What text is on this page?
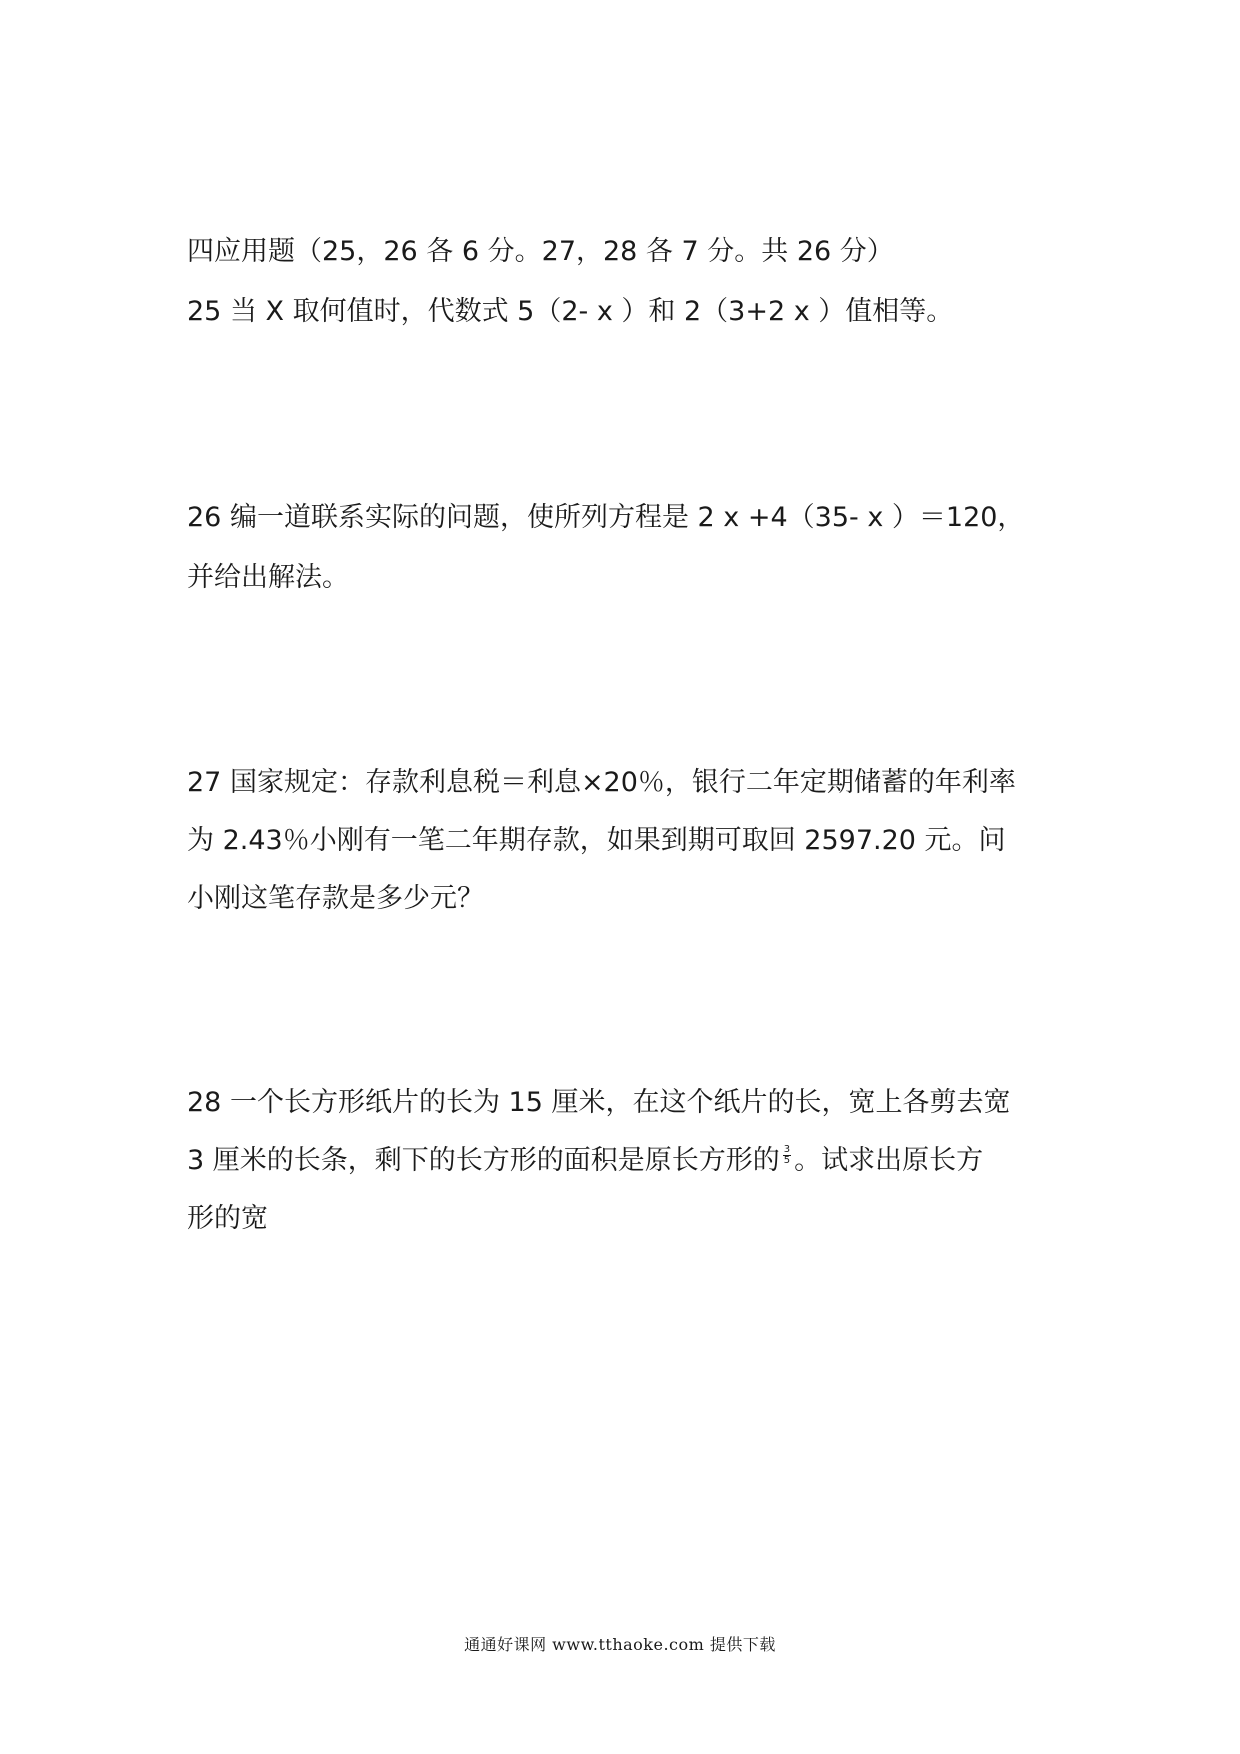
四应用题（25，26 各 6 分。27，28 各 7 分。共 26 分）
25 当 X 取何值时，代数式 5（2- x ）和 2（3+2 x ）值相等。
26 编一道联系实际的问题，使所列方程是 2 x +4（35- x ）＝120，
并给出解法。
27 国家规定：存款利息税＝利息×20％，银行二年定期储蓄的年利率
为 2.43％小刚有一笔二年期存款，如果到期可取回 2597.20 元。问
小刚这笔存款是多少元？
28 一个长方形纸片的长为 15 厘米，在这个纸片的长，宽上各剪去宽
3 厘米的长条，剩下的长方形的面积是原长方形的 $\frac{3}{5}$ 。试求出原长方
形的宽
通通好课网 www.tthaoke.com 提供下载
